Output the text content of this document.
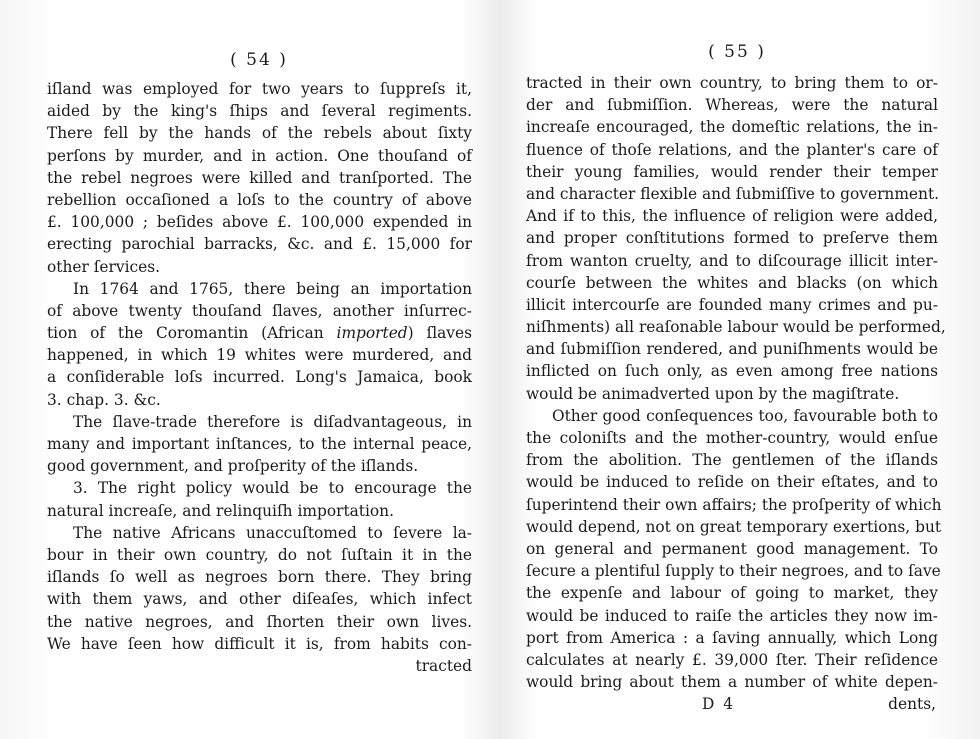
( 54 )
iſland was employed for two years to ſuppreſs it,
aided by the king's ſhips and ſeveral regiments.
There fell by the hands of the rebels about ſixty
perſons by murder, and in action. One thouſand of
the rebel negroes were killed and tranſported. The
rebellion occaſioned a loſs to the country of above
£. 100,000 ; beſides above £. 100,000 expended in
erecting parochial barracks, &c. and £. 15,000 for
other ſervices.
In 1764 and 1765, there being an importation
of above twenty thouſand ſlaves, another inſurrec-
tion of the Coromantin (African imported) ſlaves
happened, in which 19 whites were murdered, and
a conſiderable loſs incurred. Long's Jamaica, book
3. chap. 3. &c.
The ſlave-trade therefore is diſadvantageous, in
many and important inſtances, to the internal peace,
good government, and proſperity of the iſlands.
3. The right policy would be to encourage the
natural increaſe, and relinquiſh importation.
The native Africans unaccuſtomed to ſevere la-
bour in their own country, do not ſuſtain it in the
iſlands ſo well as negroes born there. They bring
with them yaws, and other diſeaſes, which infect
the native negroes, and ſhorten their own lives.
We have ſeen how difficult it is, from habits con-
tracted
( 55 )
tracted in their own country, to bring them to or-
der and ſubmiſſion. Whereas, were the natural
increaſe encouraged, the domeſtic relations, the in-
fluence of thoſe relations, and the planter's care of
their young families, would render their temper
and character flexible and ſubmiſſive to government.
And if to this, the influence of religion were added,
and proper conſtitutions formed to preſerve them
from wanton cruelty, and to diſcourage illicit inter-
courſe between the whites and blacks (on which
illicit intercourſe are founded many crimes and pu-
niſhments) all reaſonable labour would be performed,
and ſubmiſſion rendered, and puniſhments would be
inflicted on ſuch only, as even among free nations
would be animadverted upon by the magiſtrate.
Other good conſequences too, favourable both to
the coloniſts and the mother-country, would enſue
from the abolition. The gentlemen of the iſlands
would be induced to reſide on their eſtates, and to
ſuperintend their own affairs; the proſperity of which
would depend, not on great temporary exertions, but
on general and permanent good management. To
ſecure a plentiful ſupply to their negroes, and to ſave
the expenſe and labour of going to market, they
would be induced to raiſe the articles they now im-
port from America : a ſaving annually, which Long
calculates at nearly £. 39,000 ſter. Their reſidence
would bring about them a number of white depen-
D 4	dents,
